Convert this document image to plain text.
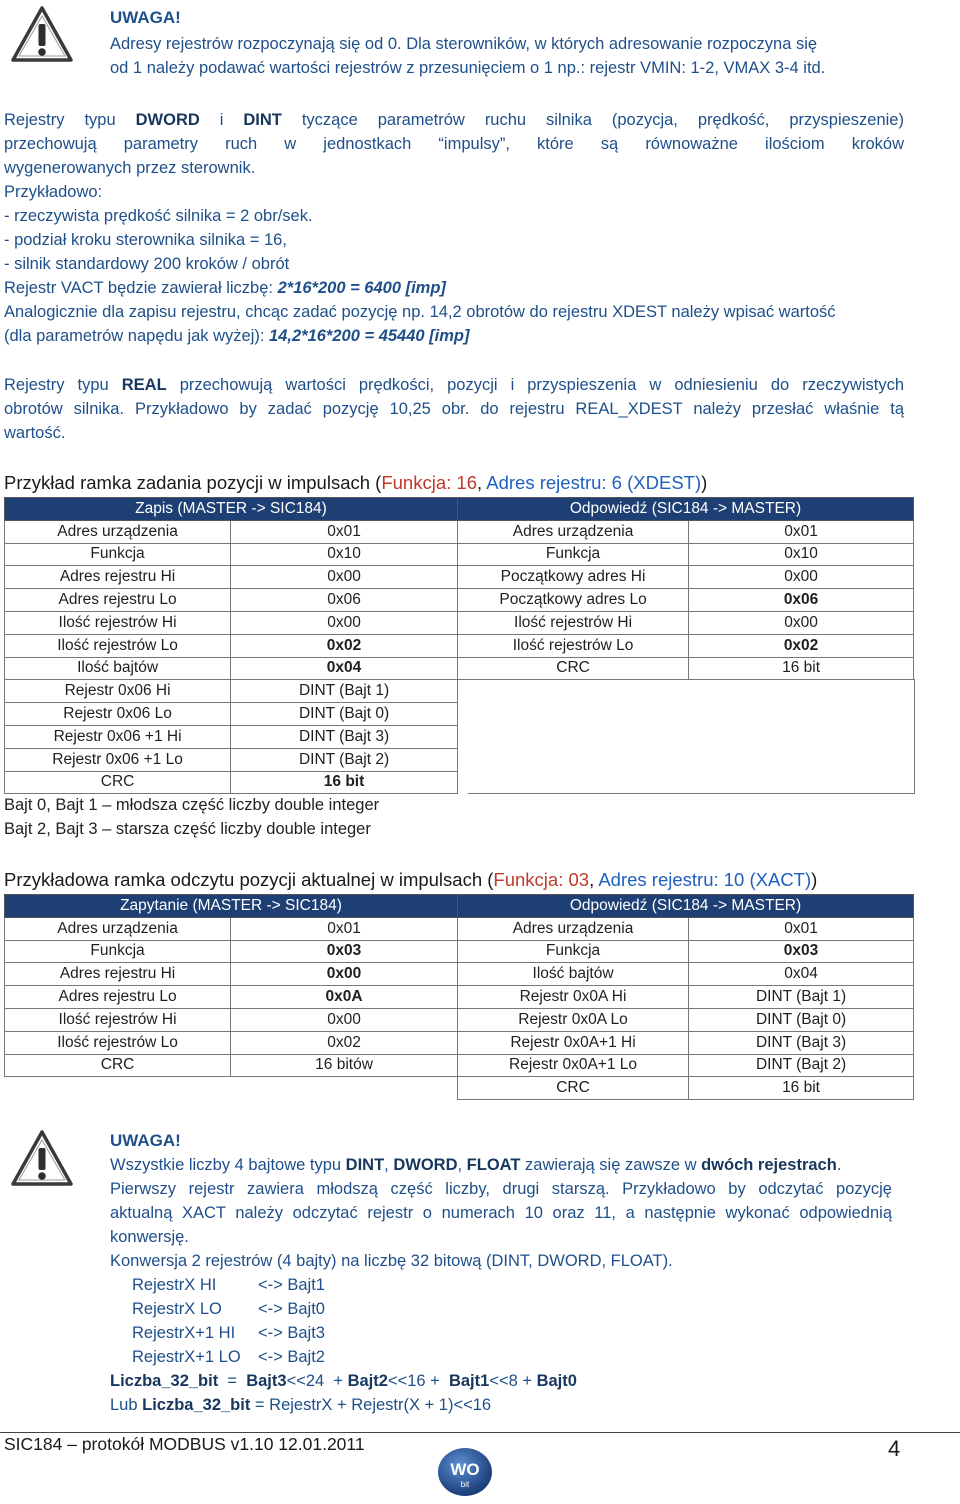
UWAGA!
Adresy rejestrów rozpoczynają się od 0. Dla sterowników, w których adresowanie rozpoczyna się
od 1 należy podawać wartości rejestrów z przesunięciem o 1 np.: rejestr VMIN: 1-2, VMAX 3-4 itd.
Rejestry typu DWORD i DINT tyczące parametrów ruchu silnika (pozycja, prędkość, przyspieszenie)
przechowują parametry ruch w jednostkach “impulsy”, które są równoważne ilościom kroków
wygenerowanych przez sterownik.
Przykładowo:
- rzeczywista prędkość silnika = 2 obr/sek.
- podział kroku sterownika silnika = 16,
- silnik standardowy 200 kroków / obrót
Rejestr VACT będzie zawierał liczbę: 2*16*200 = 6400 [imp]
Analogicznie dla zapisu rejestru, chcąc zadać pozycję np. 14,2 obrotów do rejestru XDEST należy wpisać wartość
(dla parametrów napędu jak wyżej): 14,2*16*200 = 45440 [imp]
Rejestry typu REAL przechowują wartości prędkości, pozycji i przyspieszenia w odniesieniu do rzeczywistych
obrotów silnika. Przykładowo by zadać pozycję 10,25 obr. do rejestru REAL_XDEST należy przesłać właśnie tą
wartość.
Przykład ramka zadania pozycji w impulsach (Funkcja: 16, Adres rejestru: 6 (XDEST))
Zapis (MASTER -> SIC184)		Odpowiedź (SIC184 -> MASTER)	
Adres urządzenia	0x01	Adres urządzenia	0x01
Funkcja	0x10	Funkcja	0x10
Adres rejestru Hi	0x00	Początkowy adres Hi	0x00
Adres rejestru Lo	0x06	Początkowy adres Lo	0x06
Ilość rejestrów Hi	0x00	Ilość rejestrów Hi	0x00
Ilość rejestrów Lo	0x02	Ilość rejestrów Lo	0x02
Ilość bajtów	0x04	CRC	16 bit
Rejestr 0x06 Hi	DINT (Bajt 1)		
Rejestr 0x06 Lo	DINT (Bajt 0)		
Rejestr 0x06 +1 Hi	DINT (Bajt 3)		
Rejestr 0x06 +1 Lo	DINT (Bajt 2)		
CRC	16 bit		
Bajt 0, Bajt 1 – młodsza część liczby double integer
Bajt 2, Bajt 3 – starsza część liczby double integer
Przykładowa ramka odczytu pozycji aktualnej w impulsach (Funkcja: 03, Adres rejestru: 10 (XACT))
Zapytanie (MASTER -> SIC184)		Odpowiedź (SIC184 -> MASTER)	
Adres urządzenia	0x01	Adres urządzenia	0x01
Funkcja	0x03	Funkcja	0x03
Adres rejestru Hi	0x00	Ilość bajtów	0x04
Adres rejestru Lo	0x0A	Rejestr 0x0A Hi	DINT (Bajt 1)
Ilość rejestrów Hi	0x00	Rejestr 0x0A Lo	DINT (Bajt 0)
Ilość rejestrów Lo	0x02	Rejestr 0x0A+1 Hi	DINT (Bajt 3)
CRC	16 bitów	Rejestr 0x0A+1 Lo	DINT (Bajt 2)
		CRC	16 bit
UWAGA!
Wszystkie liczby 4 bajtowe typu DINT, DWORD, FLOAT zawierają się zawsze w dwóch rejestrach.
Pierwszy rejestr zawiera młodszą część liczby, drugi starszą. Przykładowo by odczytać pozycję
aktualną XACT należy odczytać rejestr o numerach 10 oraz 11, a następnie wykonać odpowiednią
konwersję.
Konwersja 2 rejestrów (4 bajty) na liczbę 32 bitową (DINT, DWORD, FLOAT).
RejestrX HI	<-> Bajt1
RejestrX LO <-> Bajt0
RejestrX+1 HI <-> Bajt3
RejestrX+1 LO <-> Bajt2
Liczba_32_bit  =  Bajt3<<24  + Bajt2<<16 +  Bajt1<<8 + Bajt0
Lub Liczba_32_bit = RejestrX + Rejestr(X + 1)<<16
SIC184 – protokół MODBUS v1.10 12.01.2011
WO
bit
4
